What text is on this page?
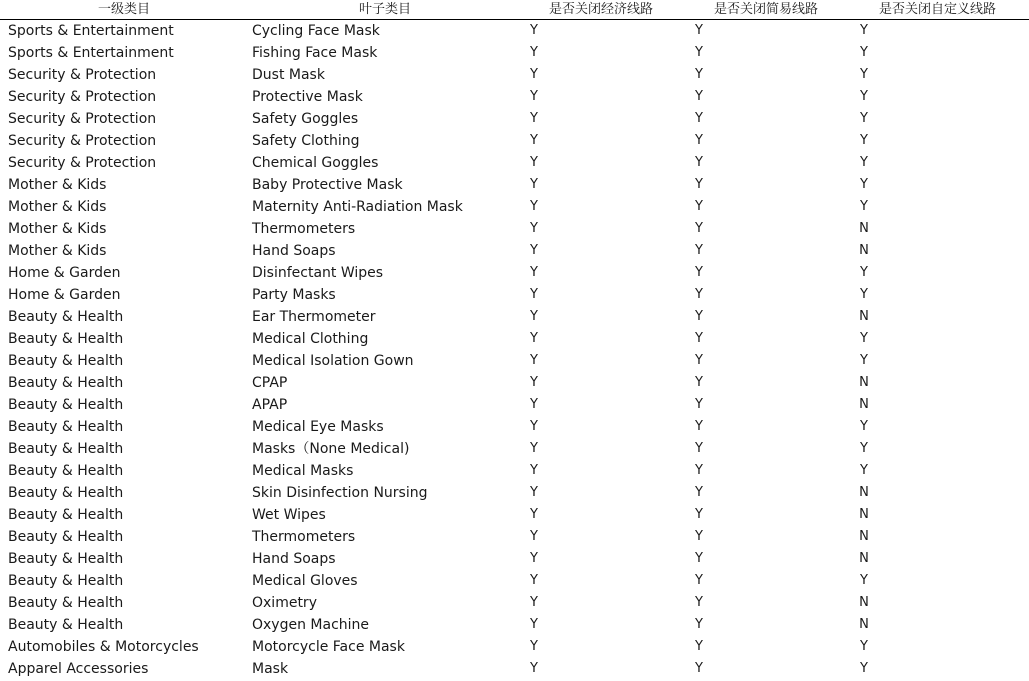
一级类目	叶子类目	是否关闭经济线路	是否关闭简易线路	是否关闭自定义线路
Sports & Entertainment	Cycling Face Mask	Y	Y	Y
Sports & Entertainment	Fishing Face Mask	Y	Y	Y
Security & Protection	Dust Mask	Y	Y	Y
Security & Protection	Protective Mask	Y	Y	Y
Security & Protection	Safety Goggles	Y	Y	Y
Security & Protection	Safety Clothing	Y	Y	Y
Security & Protection	Chemical Goggles	Y	Y	Y
Mother & Kids	Baby Protective Mask	Y	Y	Y
Mother & Kids	Maternity Anti-Radiation Mask	Y	Y	Y
Mother & Kids	Thermometers	Y	Y	N
Mother & Kids	Hand Soaps	Y	Y	N
Home & Garden	Disinfectant Wipes	Y	Y	Y
Home & Garden	Party Masks	Y	Y	Y
Beauty & Health	Ear Thermometer	Y	Y	N
Beauty & Health	Medical Clothing	Y	Y	Y
Beauty & Health	Medical Isolation Gown	Y	Y	Y
Beauty & Health	CPAP	Y	Y	N
Beauty & Health	APAP	Y	Y	N
Beauty & Health	Medical Eye Masks	Y	Y	Y
Beauty & Health	Masks（None Medical)	Y	Y	Y
Beauty & Health	Medical Masks	Y	Y	Y
Beauty & Health	Skin Disinfection Nursing	Y	Y	N
Beauty & Health	Wet Wipes	Y	Y	N
Beauty & Health	Thermometers	Y	Y	N
Beauty & Health	Hand Soaps	Y	Y	N
Beauty & Health	Medical Gloves	Y	Y	Y
Beauty & Health	Oximetry	Y	Y	N
Beauty & Health	Oxygen Machine	Y	Y	N
Automobiles & Motorcycles	Motorcycle Face Mask	Y	Y	Y
Apparel Accessories	Mask	Y	Y	Y
